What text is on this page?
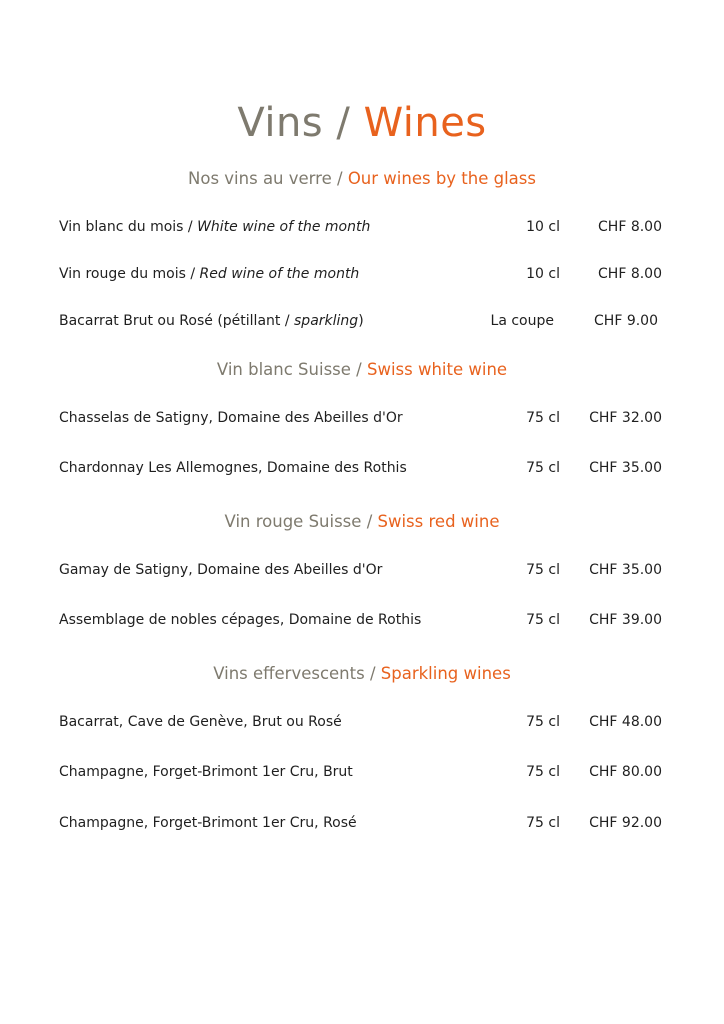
Vins / Wines
Nos vins au verre / Our wines by the glass
Vin blanc du mois / White wine of the month	10 cl	CHF 8.00
Vin rouge du mois / Red wine of the month	10 cl	CHF 8.00
Bacarrat Brut ou Rosé (pétillant / sparkling)	La coupe	CHF 9.00
Vin blanc Suisse / Swiss white wine
Chasselas de Satigny, Domaine des Abeilles d'Or	75 cl CHF 32.00
Chardonnay Les Allemognes, Domaine des Rothis	75 cl CHF 35.00
Vin rouge Suisse / Swiss red wine
Gamay de Satigny, Domaine des Abeilles d'Or	75 cl CHF 35.00
Assemblage de nobles cépages, Domaine de Rothis	75 cl CHF 39.00
Vins effervescents / Sparkling wines
Bacarrat, Cave de Genève, Brut ou Rosé	75 cl CHF 48.00
Champagne, Forget-Brimont 1er Cru, Brut	75 cl CHF 80.00
Champagne, Forget-Brimont 1er Cru, Rosé	75 cl CHF 92.00
